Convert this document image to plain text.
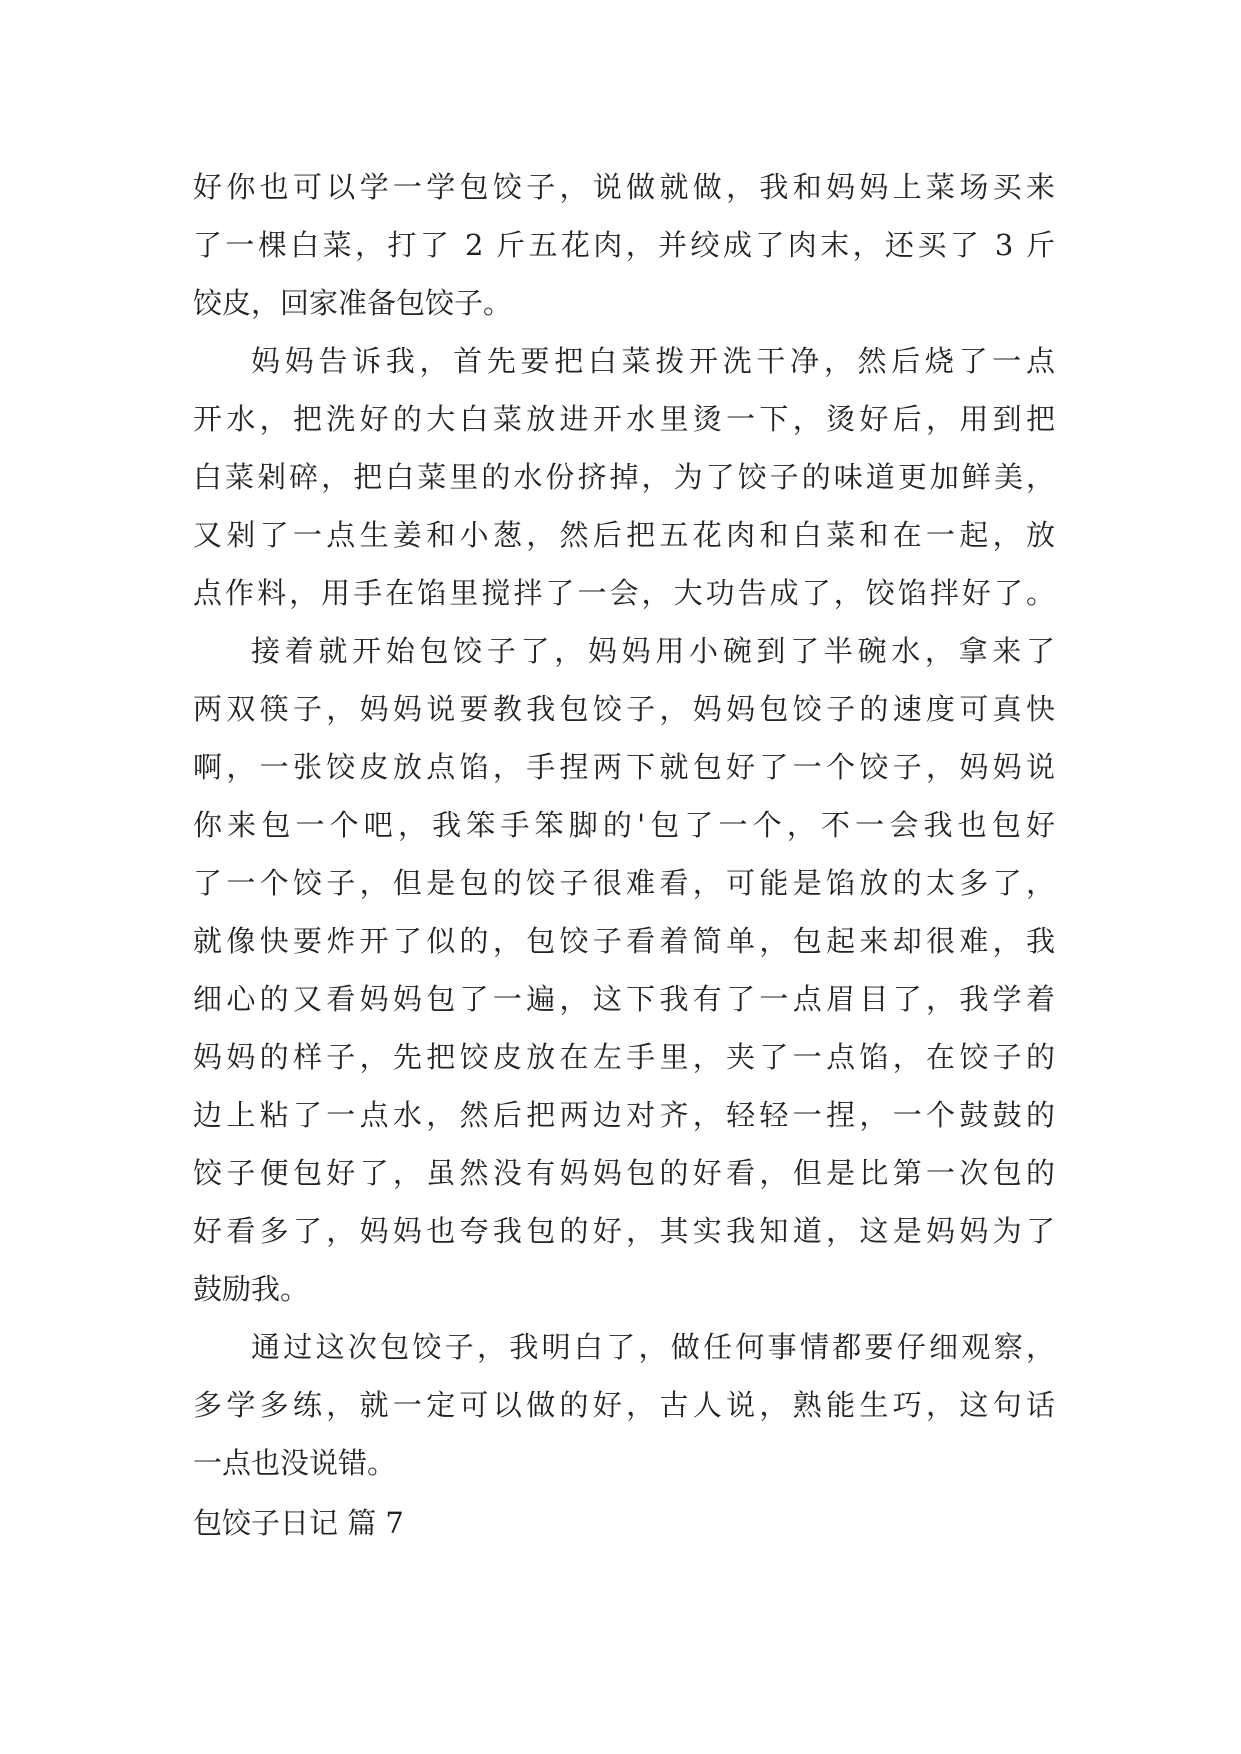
好你也可以学一学包饺子，说做就做，我和妈妈上菜场买来
了一棵白菜，打了 2 斤五花肉，并绞成了肉末，还买了 3 斤
饺皮，回家准备包饺子。
妈妈告诉我，首先要把白菜拨开洗干净，然后烧了一点
开水，把洗好的大白菜放进开水里烫一下，烫好后，用到把
白菜剁碎，把白菜里的水份挤掉，为了饺子的味道更加鲜美，
又剁了一点生姜和小葱，然后把五花肉和白菜和在一起，放
点作料，用手在馅里搅拌了一会，大功告成了，饺馅拌好了。
接着就开始包饺子了，妈妈用小碗到了半碗水，拿来了
两双筷子，妈妈说要教我包饺子，妈妈包饺子的速度可真快
啊，一张饺皮放点馅，手捏两下就包好了一个饺子，妈妈说
你来包一个吧，我笨手笨脚的'包了一个，不一会我也包好
了一个饺子，但是包的饺子很难看，可能是馅放的太多了，
就像快要炸开了似的，包饺子看着简单，包起来却很难，我
细心的又看妈妈包了一遍，这下我有了一点眉目了，我学着
妈妈的样子，先把饺皮放在左手里，夹了一点馅，在饺子的
边上粘了一点水，然后把两边对齐，轻轻一捏，一个鼓鼓的
饺子便包好了，虽然没有妈妈包的好看，但是比第一次包的
好看多了，妈妈也夸我包的好，其实我知道，这是妈妈为了
鼓励我。
通过这次包饺子，我明白了，做任何事情都要仔细观察，
多学多练，就一定可以做的好，古人说，熟能生巧，这句话
一点也没说错。
包饺子日记 篇 7
